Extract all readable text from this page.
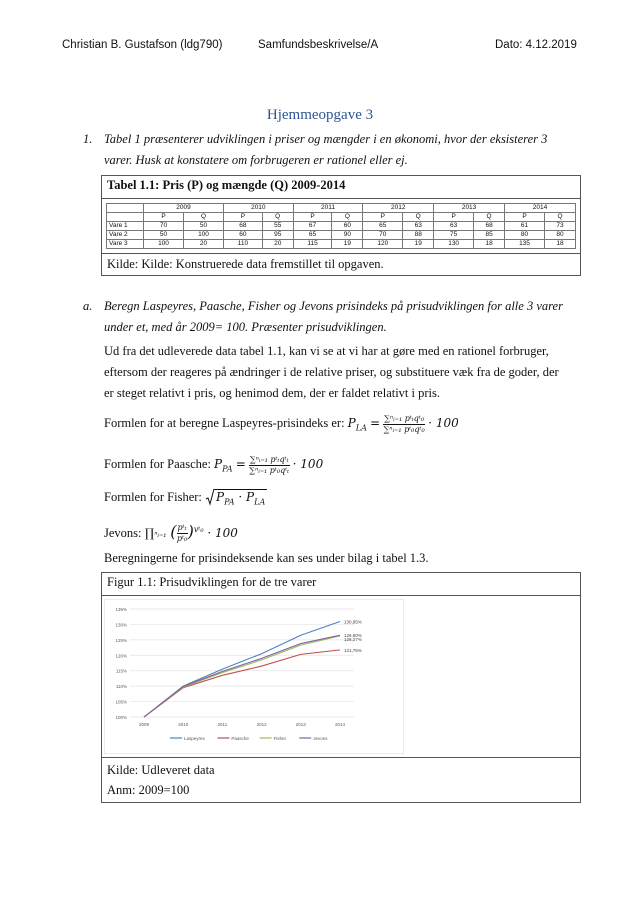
Christian B. Gustafson (ldg790)	Samfundsbeskrivelse/A	Dato: 4.12.2019
Hjemmeopgave 3
1. Tabel 1 præsenterer udviklingen i priser og mængder i en økonomi, hvor der eksisterer 3
varer. Husk at konstatere om forbrugeren er rationel eller ej.
Tabel 1.1: Pris (P) og mængde (Q) 2009-2014
	2009		2010		2011		2012		2013		2014	
	P	Q	P	Q	P	Q	P	Q	P	Q	P	Q
Vare 1	70	50	68	55	67	60	65	63	63	68	61	73
Vare 2	50	100	60	95	65	90	70	88	75	85	80	80
Vare 3	100	20	110	20	115	19	120	19	130	18	135	18
Kilde: Kilde: Konstruerede data fremstillet til opgaven.
a. Beregn Laspeyres, Paasche, Fisher og Jevons prisindeks på prisudviklingen for alle 3 varer
under et, med år 2009= 100. Præsenter prisudviklingen.
Ud fra det udleverede data tabel 1.1, kan vi se at vi har at gøre med en rationel forbruger,
eftersom der reageres på ændringer i de relative priser, og substituere væk fra de goder, der
er steget relativt i pris, og henimod dem, der er faldet relativt i pris.
Formlen for at beregne Laspeyres-prisindeks er: $P_{LA} = \frac{\text{∑ⁿᵢ₌₁ pᵗₜqᵗ₀}}{\text{∑ⁿᵢ₌₁ pᵗ₀qᵗ₀}} \cdot 100$
Formlen for Paasche: $P_{PA} = \frac{\text{∑ⁿᵢ₌₁ pᵗₜqᵗₜ}}{\text{∑ⁿᵢ₌₁ pᵗ₀qᵗₜ}} \cdot 100$
Formlen for Fisher: $P_{PA} \cdot P_{LA}$
Jevons: ∏ⁿᵢ₌₁ ( $\frac{\text{pᵗₜ}}{\text{pᵗ₀}} )^{vᵗ_0} \cdot 100$
Beregningerne for prisindeksende kan ses under bilag i tabel 1.3.
Figur 1.1: Prisudviklingen for de tre varer
100%
105%
110%
115%
120%
125%
130%
135%
2009	2010	2011	2012	2013	2014
130,95%
126,50%
126,27%
121,75%
Laspeyres	Paasche	Fisher	Jevons
Kilde: Udleveret data
Anm: 2009=100
